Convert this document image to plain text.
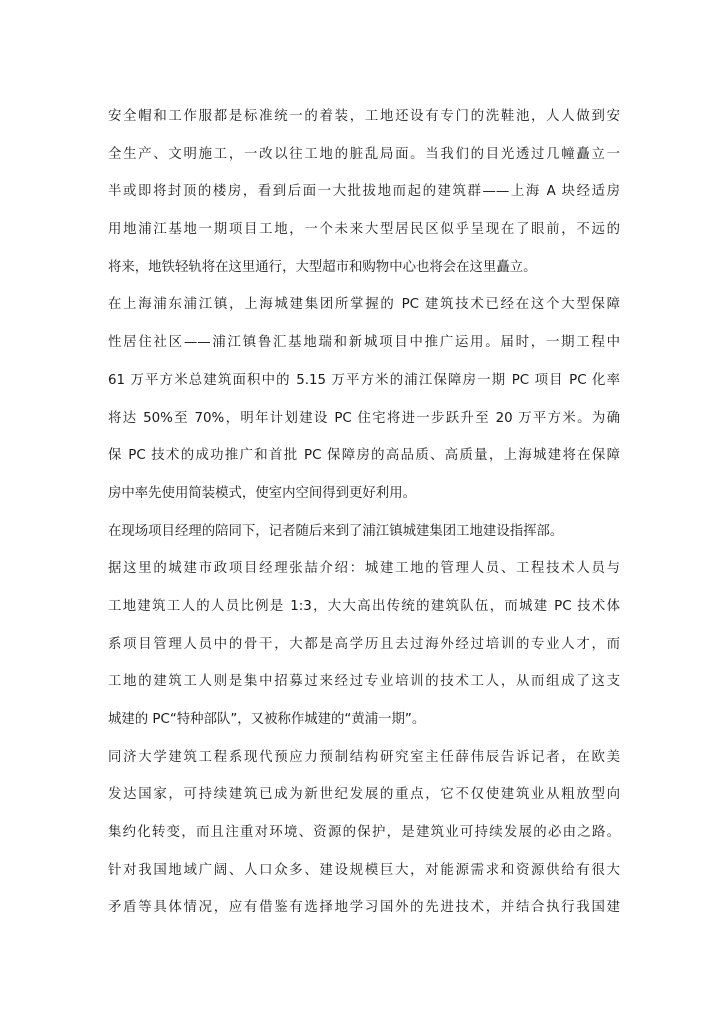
安全帽和工作服都是标准统一的着装，工地还设有专门的洗鞋池，人人做到安
全生产、文明施工，一改以往工地的脏乱局面。当我们的目光透过几幢矗立一
半或即将封顶的楼房，看到后面一大批拔地而起的建筑群——上海 A 块经适房
用地浦江基地一期项目工地，一个未来大型居民区似乎呈现在了眼前，不远的
将来，地铁轻轨将在这里通行，大型超市和购物中心也将会在这里矗立。
在上海浦东浦江镇，上海城建集团所掌握的 PC 建筑技术已经在这个大型保障
性居住社区——浦江镇鲁汇基地瑞和新城项目中推广运用。届时，一期工程中
61 万平方米总建筑面积中的 5.15 万平方米的浦江保障房一期 PC 项目 PC 化率
将达 50%至 70%，明年计划建设 PC 住宅将进一步跃升至 20 万平方米。为确
保 PC 技术的成功推广和首批 PC 保障房的高品质、高质量，上海城建将在保障
房中率先使用简装模式，使室内空间得到更好利用。
在现场项目经理的陪同下，记者随后来到了浦江镇城建集团工地建设指挥部。
据这里的城建市政项目经理张喆介绍：城建工地的管理人员、工程技术人员与
工地建筑工人的人员比例是 1:3，大大高出传统的建筑队伍，而城建 PC 技术体
系项目管理人员中的骨干，大都是高学历且去过海外经过培训的专业人才，而
工地的建筑工人则是集中招募过来经过专业培训的技术工人，从而组成了这支
城建的 PC“特种部队”，又被称作城建的“黄浦一期”。
同济大学建筑工程系现代预应力预制结构研究室主任薛伟辰告诉记者，在欧美
发达国家，可持续建筑已成为新世纪发展的重点，它不仅使建筑业从粗放型向
集约化转变，而且注重对环境、资源的保护，是建筑业可持续发展的必由之路。
针对我国地域广阔、人口众多、建设规模巨大，对能源需求和资源供给有很大
矛盾等具体情况，应有借鉴有选择地学习国外的先进技术，并结合执行我国建
